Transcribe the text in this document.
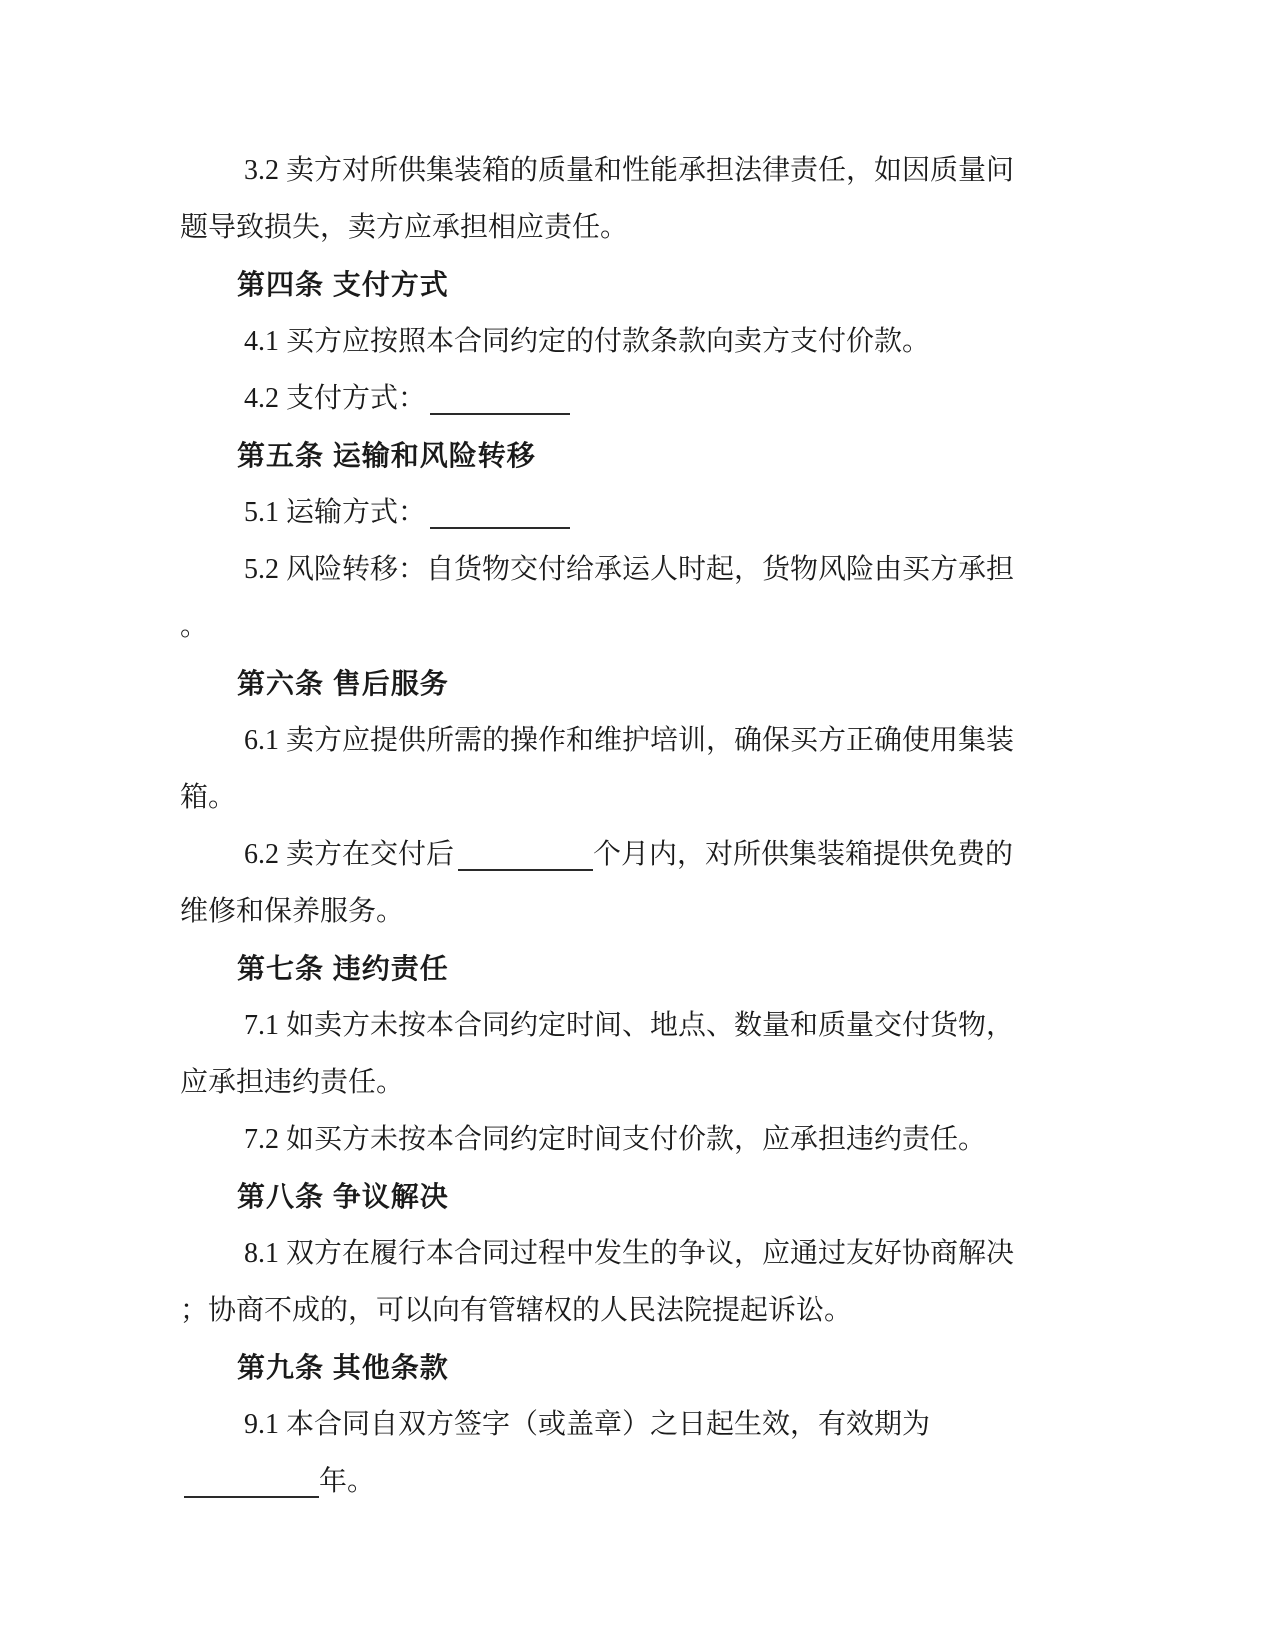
3.2 卖方对所供集装箱的质量和性能承担法律责任，如因质量问
题导致损失，卖方应承担相应责任。
第四条 支付方式
4.1 买方应按照本合同约定的付款条款向卖方支付价款。
4.2 支付方式：
第五条 运输和风险转移
5.1 运输方式：
5.2 风险转移：自货物交付给承运人时起，货物风险由买方承担
。
第六条 售后服务
6.1 卖方应提供所需的操作和维护培训，确保买方正确使用集装
箱。
6.2 卖方在交付后	个月内，对所供集装箱提供免费的
维修和保养服务。
第七条 违约责任
7.1 如卖方未按本合同约定时间、地点、数量和质量交付货物，
应承担违约责任。
7.2 如买方未按本合同约定时间支付价款，应承担违约责任。
第八条 争议解决
8.1 双方在履行本合同过程中发生的争议，应通过友好协商解决
；协商不成的，可以向有管辖权的人民法院提起诉讼。
第九条 其他条款
9.1 本合同自双方签字（或盖章）之日起生效，有效期为
年。
